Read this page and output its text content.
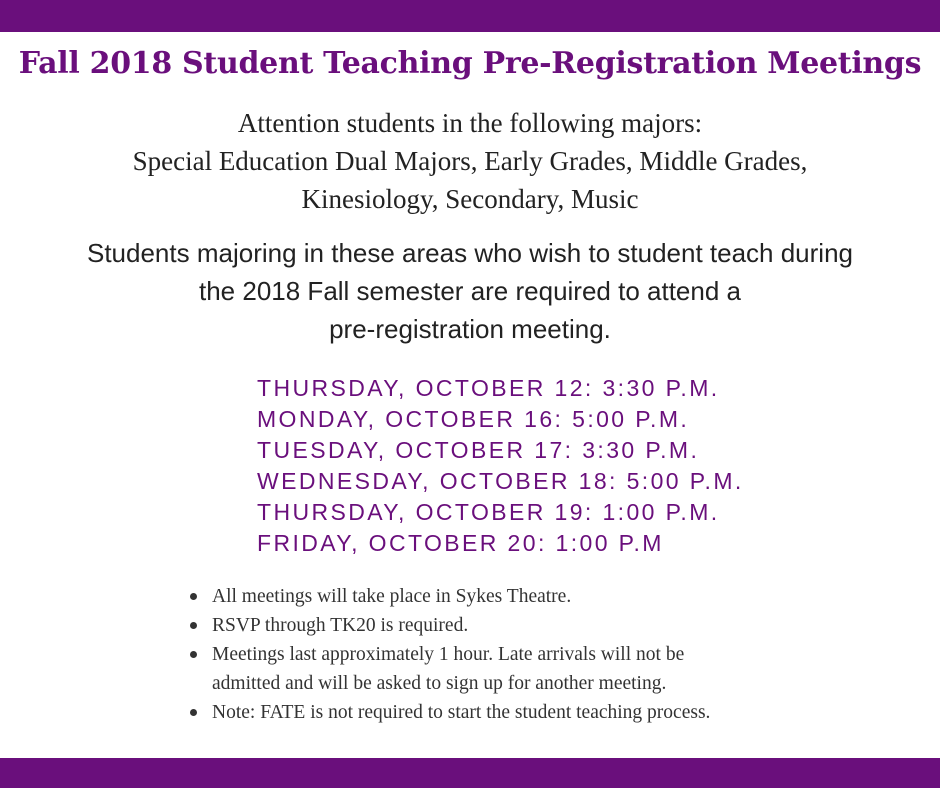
Fall 2018 Student Teaching Pre-Registration Meetings
Attention students in the following majors:
Special Education Dual Majors, Early Grades, Middle Grades,
Kinesiology, Secondary, Music
Students majoring in these areas who wish to student teach during
the 2018 Fall semester are required to attend a
pre-registration meeting.
THURSDAY, OCTOBER 12: 3:30 P.M.
MONDAY, OCTOBER 16: 5:00 P.M.
TUESDAY, OCTOBER 17: 3:30 P.M.
WEDNESDAY, OCTOBER 18: 5:00 P.M.
THURSDAY, OCTOBER 19: 1:00 P.M.
FRIDAY, OCTOBER 20: 1:00 P.M
All meetings will take place in Sykes Theatre.
RSVP through TK20 is required.
Meetings last approximately 1 hour. Late arrivals will not be
admitted and will be asked to sign up for another meeting.
Note: FATE is not required to start the student teaching process.
